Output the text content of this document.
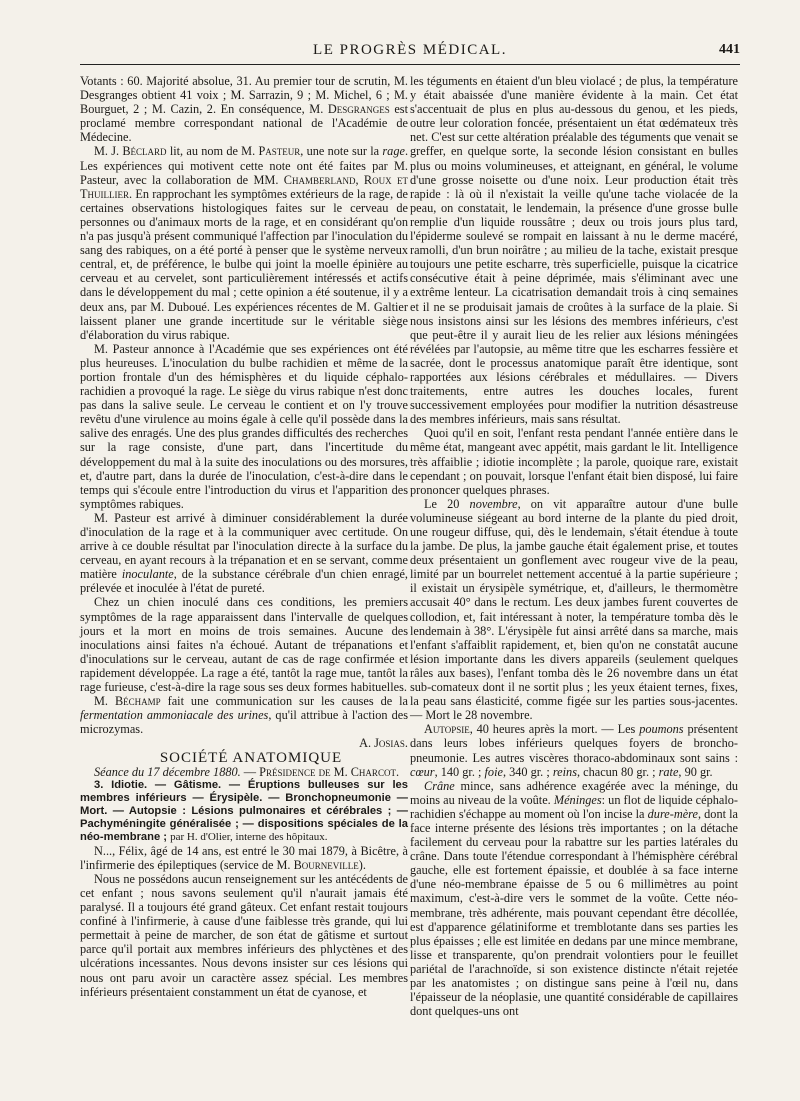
LE PROGRÈS MÉDICAL.	441

Votants : 60. Majorité absolue, 31. Au premier tour de scrutin, M. Desgranges obtient 41 voix ; M. Sarrazin, 9 ; M. Michel, 6 ; M. Bourguet, 2 ; M. Cazin, 2. En conséquence, M. Desgranges est proclamé membre correspondant national de l'Académie de Médecine.

M. J. Béclard lit, au nom de M. Pasteur, une note sur la rage. Les expériences qui motivent cette note ont été faites par M. Pasteur, avec la collaboration de MM. Chamberland, Roux et Thuillier. En rapprochant les symptômes extérieurs de la rage, de certaines observations histologiques faites sur le cerveau de personnes ou d'animaux morts de la rage, et en considérant qu'on n'a pas jusqu'à présent communiqué l'affection par l'inoculation du sang des rabiques, on a été porté à penser que le système nerveux central, et, de préférence, le bulbe qui joint la moelle épinière au cerveau et au cervelet, sont particulièrement intéressés et actifs dans le développement du mal ; cette opinion a été soutenue, il y a deux ans, par M. Duboué. Les expériences récentes de M. Galtier laissent planer une grande incertitude sur le véritable siège d'élaboration du virus rabique.

M. Pasteur annonce à l'Académie que ses expériences ont été plus heureuses. L'inoculation du bulbe rachidien et même de la portion frontale d'un des hémisphères et du liquide céphalo-rachidien a provoqué la rage. Le siège du virus rabique n'est donc pas dans la salive seule. Le cerveau le contient et on l'y trouve revêtu d'une virulence au moins égale à celle qu'il possède dans la salive des enragés. Une des plus grandes difficultés des recherches sur la rage consiste, d'une part, dans l'incertitude du développement du mal à la suite des inoculations ou des morsures, et, d'autre part, dans la durée de l'inoculation, c'est-à-dire dans le temps qui s'écoule entre l'introduction du virus et l'apparition des symptômes rabiques.

M. Pasteur est arrivé à diminuer considérablement la durée d'inoculation de la rage et à la communiquer avec certitude. On arrive à ce double résultat par l'inoculation directe à la surface du cerveau, en ayant recours à la trépanation et en se servant, comme matière inoculante, de la substance cérébrale d'un chien enragé, prélevée et inoculée à l'état de pureté.

Chez un chien inoculé dans ces conditions, les premiers symptômes de la rage apparaissent dans l'intervalle de quelques jours et la mort en moins de trois semaines. Aucune des inoculations ainsi faites n'a échoué. Autant de trépanations et d'inoculations sur le cerveau, autant de cas de rage confirmée et rapidement développée. La rage a été, tantôt la rage mue, tantôt la rage furieuse, c'est-à-dire la rage sous ses deux formes habituelles.

M. Béchamp fait une communication sur les causes de la fermentation ammoniacale des urines, qu'il attribue à l'action des microzymas.

A. Josias.

SOCIÉTÉ ANATOMIQUE

Séance du 17 décembre 1880. — Présidence de M. Charcot.

3. Idiotie. — Gâtisme. — Éruptions bulleuses sur les membres inférieurs — Érysipèle. — Bronchopneumonie —Mort. — Autopsie : Lésions pulmonaires et cérébrales ; — Pachyméningite généralisée ; — dispositions spéciales de la néo-membrane ; par H. d'Olier, interne des hôpitaux.

N..., Félix, âgé de 14 ans, est entré le 30 mai 1879, à Bicêtre, à l'infirmerie des épileptiques (service de M. Bourneville).

Nous ne possédons aucun renseignement sur les antécédents de cet enfant ; nous savons seulement qu'il n'aurait jamais été paralysé. Il a toujours été grand gâteux. Cet enfant restait toujours confiné à l'infirmerie, à cause d'une faiblesse très grande, qui lui permettait à peine de marcher, de son état de gâtisme et surtout parce qu'il portait aux membres inférieurs des phlyctènes et des ulcérations incessantes. Nous devons insister sur ces lésions qui nous ont paru avoir un caractère assez spécial. Les membres inférieurs présentaient constamment un état de cyanose, et

les téguments en étaient d'un bleu violacé ; de plus, la température y était abaissée d'une manière évidente à la main. Cet état s'accentuait de plus en plus au-dessous du genou, et les pieds, outre leur coloration foncée, présentaient un état œdémateux très net. C'est sur cette altération préalable des téguments que venait se greffer, en quelque sorte, la seconde lésion consistant en bulles plus ou moins volumineuses, et atteignant, en général, le volume d'une grosse noisette ou d'une noix. Leur production était très rapide : là où il n'existait la veille qu'une tache violacée de la peau, on constatait, le lendemain, la présence d'une grosse bulle remplie d'un liquide roussâtre ; deux ou trois jours plus tard, l'épiderme soulevé se rompait en laissant à nu le derme macéré, ramolli, d'un brun noirâtre ; au milieu de la tache, existait presque toujours une petite escharre, très superficielle, puisque la cicatrice consécutive était à peine déprimée, mais s'éliminant avec une extrême lenteur. La cicatrisation demandait trois à cinq semaines et il ne se produisait jamais de croûtes à la surface de la plaie. Si nous insistons ainsi sur les lésions des membres inférieurs, c'est que peut-être il y aurait lieu de les relier aux lésions méningées révélées par l'autopsie, au même titre que les escharres fessière et sacrée, dont le processus anatomique paraît être identique, sont rapportées aux lésions cérébrales et médullaires. — Divers traitements, entre autres les douches locales, furent successivement employées pour modifier la nutrition désastreuse des membres inférieurs, mais sans résultat.

Quoi qu'il en soit, l'enfant resta pendant l'année entière dans le même état, mangeant avec appétit, mais gardant le lit. Intelligence très affaiblie ; idiotie incomplète ; la parole, quoique rare, existait cependant ; on pouvait, lorsque l'enfant était bien disposé, lui faire prononcer quelques phrases.

Le 20 novembre, on vit apparaître autour d'une bulle volumineuse siégeant au bord interne de la plante du pied droit, une rougeur diffuse, qui, dès le lendemain, s'était étendue à toute la jambe. De plus, la jambe gauche était également prise, et toutes deux présentaient un gonflement avec rougeur vive de la peau, limité par un bourrelet nettement accentué à la partie supérieure ; il existait un érysipèle symétrique, et, d'ailleurs, le thermomètre accusait 40° dans le rectum. Les deux jambes furent couvertes de collodion, et, fait intéressant à noter, la température tomba dès le lendemain à 38°. L'érysipèle fut ainsi arrêté dans sa marche, mais l'enfant s'affaiblit rapidement, et, bien qu'on ne constatât aucune lésion importante dans les divers appareils (seulement quelques râles aux bases), l'enfant tomba dès le 26 novembre dans un état sub-comateux dont il ne sortit plus ; les yeux étaient ternes, fixes, la peau sans élasticité, comme figée sur les parties sous-jacentes. — Mort le 28 novembre.

Autopsie, 40 heures après la mort. — Les poumons présentent dans leurs lobes inférieurs quelques foyers de broncho-pneumonie. Les autres viscères thoraco-abdominaux sont sains : cœur, 140 gr. ; foie, 340 gr. ; reins, chacun 80 gr. ; rate, 90 gr.

Crâne mince, sans adhérence exagérée avec la méninge, du moins au niveau de la voûte. Méninges: un flot de liquide céphalo-rachidien s'échappe au moment où l'on incise la dure-mère, dont la face interne présente des lésions très importantes ; on la détache facilement du cerveau pour la rabattre sur les parties latérales du crâne. Dans toute l'étendue correspondant à l'hémisphère cérébral gauche, elle est fortement épaissie, et doublée à sa face interne d'une néo-membrane épaisse de 5 ou 6 millimètres au point maximum, c'est-à-dire vers le sommet de la voûte. Cette néo-membrane, très adhérente, mais pouvant cependant être décollée, est d'apparence gélatiniforme et tremblotante dans ses parties les plus épaisses ; elle est limitée en dedans par une mince membrane, lisse et transparente, qu'on prendrait volontiers pour le feuillet pariétal de l'arachnoïde, si son existence distincte n'était rejetée par les anatomistes ; on distingue sans peine à l'œil nu, dans l'épaisseur de la néoplasie, une quantité considérable de capillaires dont quelques-uns ont
